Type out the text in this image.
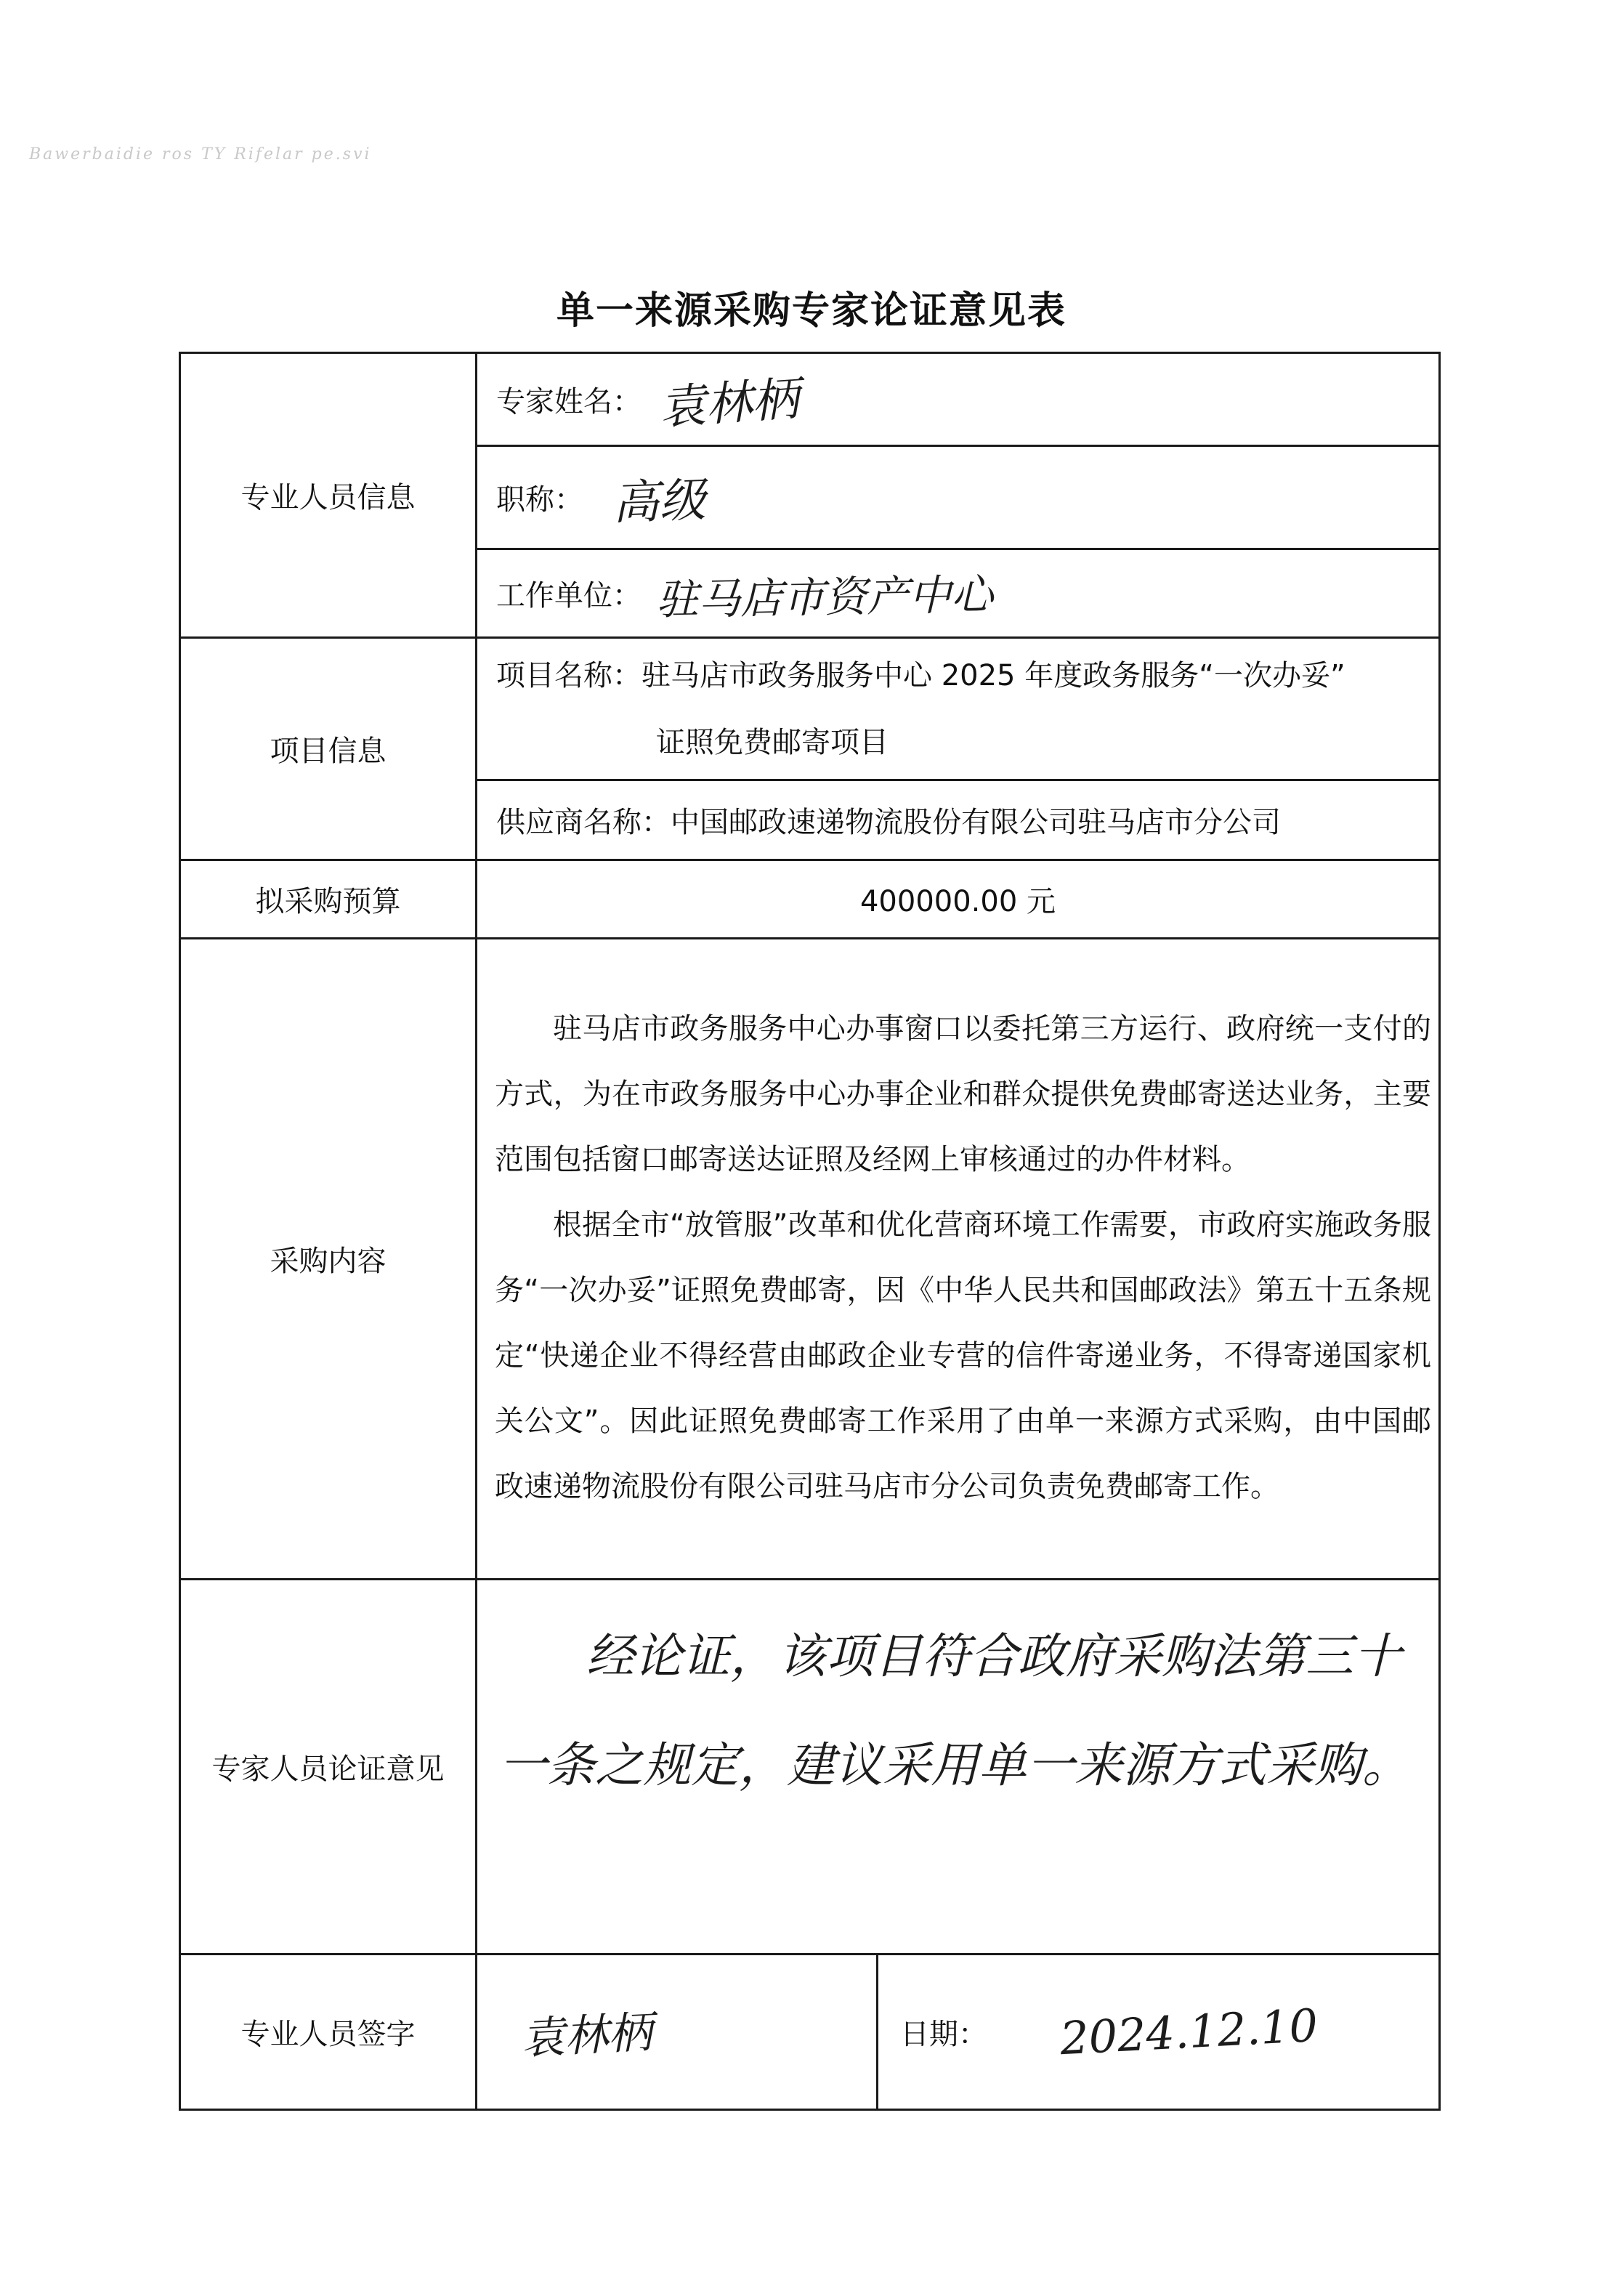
Bawerbaidie ros TY Rifelar pe.svi
单一来源采购专家论证意见表
专业人员信息	专家姓名： 袁林柄	
	职称： 高级	
	工作单位： 驻马店市资产中心	
项目信息	项目名称：驻马店市政务服务中心 2025 年度政务服务“一次办妥”
证照免费邮寄项目	

	供应商名称：中国邮政速递物流股份有限公司驻马店市分公司	
拟采购预算	400000.00 元	
采购内容	驻马店市政务服务中心办事窗口以委托第三方运行、政府统一支付的方式，为在市政务服务中心办事企业和群众提供免费邮寄送达业务，主要范围包括窗口邮寄送达证照及经网上审核通过的办件材料。

根据全市“放管服”改革和优化营商环境工作需要，市政府实施政务服务“一次办妥”证照免费邮寄，因《中华人民共和国邮政法》第五十五条规定“快递企业不得经营由邮政企业专营的信件寄递业务，不得寄递国家机关公文”。因此证照免费邮寄工作采用了由单一来源方式采购，由中国邮政速递物流股份有限公司驻马店市分公司负责免费邮寄工作。	

专家人员论证意见	经论证，该项目符合政府采购法第三十一条之规定，建议采用单一来源方式采购。	

专业人员签字	袁林柄	日期： 2024.12.10
